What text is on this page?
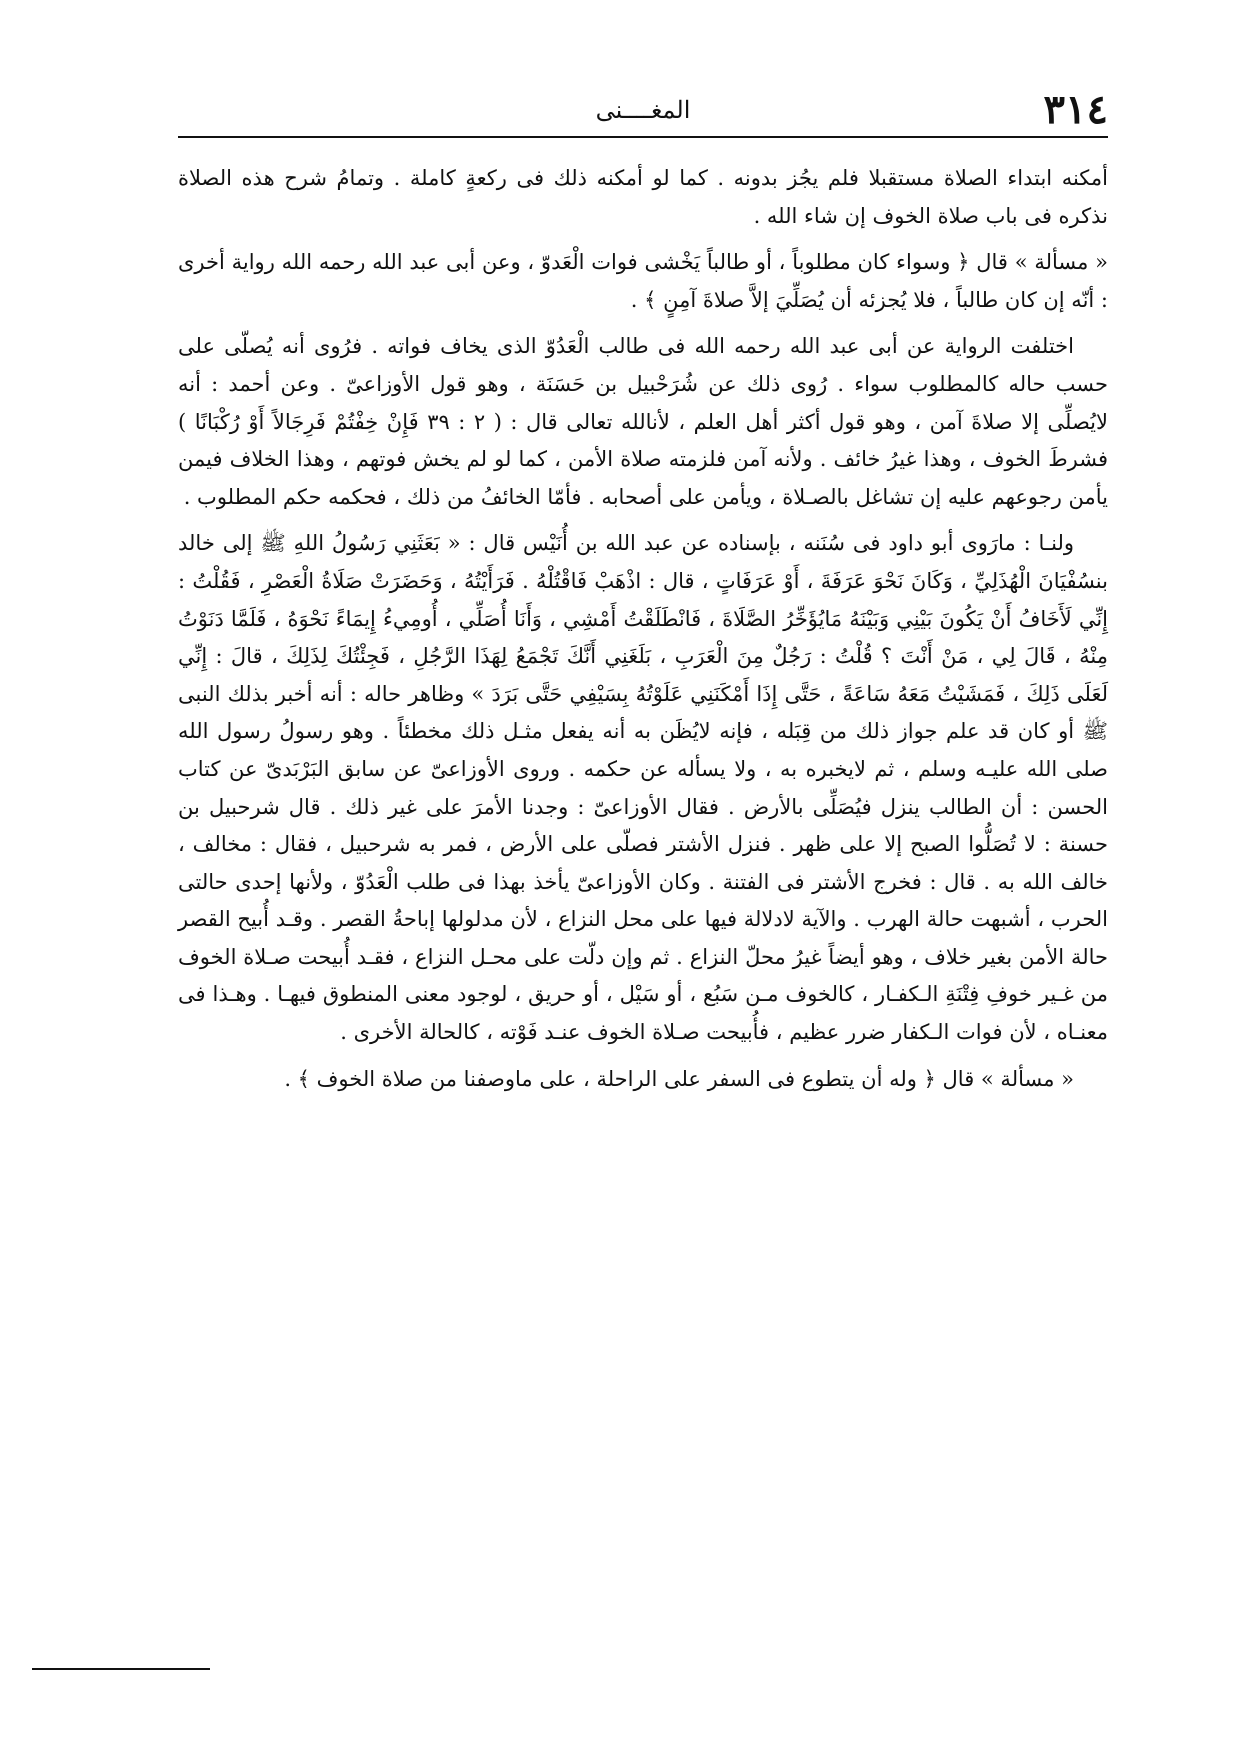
٣١٤
المغــــنى

أمكنه ابتداء الصلاة مستقبلا فلم يجُز بدونه . كما لو أمكنه ذلك فى ركعةٍ كاملة . وتمامُ شرح هذه الصلاة نذكره فى باب صلاة الخوف إن شاء الله .

« مسألة » قال ﴿ وسواء كان مطلوباً ، أو طالباً يَخْشى فوات الْعَدوّ ، وعن أبى عبد الله رحمه الله رواية أخرى : أنّه إن كان طالباً ، فلا يُجزئه أن يُصَلِّيَ إلاَّ صلاةَ آمِنٍ ﴾ .

اختلفت الرواية عن أبى عبد الله رحمه الله فى طالب الْعَدُوّ الذى يخاف فواته . فرُوى أنه يُصلّى على حسب حاله كالمطلوب سواء . رُوى ذلك عن شُرَحْبيل بن حَسَنَة ، وهو قول الأوزاعىّ . وعن أحمد : أنه لايُصلِّى إلا صلاةَ آمن ، وهو قول أكثر أهل العلم ، لأنالله تعالى قال : ( ٢ : ٣٩ فَإِنْ خِفْتُمْ فَرِجَالاً أَوْ رُكْبَانًا ) فشرطَ الخوف ، وهذا غيرُ خائف . ولأنه آمن فلزمته صلاة الأمن ، كما لو لم يخش فوتهم ، وهذا الخلاف فيمن يأمن رجوعهم عليه إن تشاغل بالصـلاة ، ويأمن على أصحابه . فأمّا الخائفُ من ذلك ، فحكمه حكم المطلوب .

ولنـا : مارَوى أبو داود فى سُنَنه ، بإسناده عن عبد الله بن أُنَيْس قال : « بَعَثَنِي رَسُولُ اللهِ ﷺ إلى خالد بنسُفْيَانَ الْهُذَلِيِّ ، وَكَانَ نَحْوَ عَرَفَةَ ، أَوْ عَرَفَاتٍ ، قال : اذْهَبْ فَاقْتُلْهُ . فَرَأَيْتُهُ ، وَحَضَرَتْ صَلَاةُ الْعَصْرِ ، فَقُلْتُ : إِنِّي لَأَخَافُ أَنْ يَكُونَ بَيْنِي وَبَيْنَهُ مَايُؤَخِّرُ الصَّلَاةَ ، فَانْطَلَقْتُ أَمْشِي ، وَأَنَا أُصَلِّي ، أُومِيءُ إِيمَاءً نَحْوَهُ ، فَلَمَّا دَنَوْتُ مِنْهُ ، قَالَ لِي ، مَنْ أَنْتَ ؟ قُلْتُ : رَجُلٌ مِنَ الْعَرَبِ ، بَلَغَنِي أَنَّكَ تَجْمَعُ لِهَذَا الرَّجُلِ ، فَجِئْتُكَ لِذَلِكَ ، قالَ : إِنِّي لَعَلَى ذَلِكَ ، فَمَشَيْتُ مَعَهُ سَاعَةً ، حَتَّى إِذَا أَمْكَنَنِي عَلَوْتُهُ بِسَيْفِي حَتَّى بَرَدَ » وظاهر حاله : أنه أخبر بذلك النبى ﷺ أو كان قد علم جواز ذلك من قِبَله ، فإنه لايُظَن به أنه يفعل مثـل ذلك مخطئاً . وهو رسولُ رسول الله صلى الله عليـه وسلم ، ثم لايخبره به ، ولا يسأله عن حكمه . وروى الأوزاعىّ عن سابق البَرْبَدىّ عن كتاب الحسن : أن الطالب ينزل فيُصَلِّى بالأرض . فقال الأوزاعىّ : وجدنا الأمرَ على غير ذلك . قال شرحبيل بن حسنة : لا تُصَلُّوا الصبح إلا على ظهر . فنزل الأشتر فصلّى على الأرض ، فمر به شرحبيل ، فقال : مخالف ، خالف الله به . قال : فخرج الأشتر فى الفتنة . وكان الأوزاعىّ يأخذ بهذا فى طلب الْعَدُوّ ، ولأنها إحدى حالتى الحرب ، أشبهت حالة الهرب . والآية لادلالة فيها على محل النزاع ، لأن مدلولها إباحةُ القصر . وقـد أُبيح القصر حالة الأمن بغير خلاف ، وهو أيضاً غيرُ محلّ النزاع . ثم وإن دلّت على محـل النزاع ، فقـد أُبيحت صـلاة الخوف من غـير خوفِ فِتْنَةِ الـكفـار ، كالخوف مـن سَبُع ، أو سَيْل ، أو حريق ، لوجود معنى المنطوق فيهـا . وهـذا فى معنـاه ، لأن فوات الـكفار ضرر عظيم ، فأُبيحت صـلاة الخوف عنـد فَوْته ، كالحالة الأخرى .

« مسألة » قال ﴿ وله أن يتطوع فى السفر على الراحلة ، على ماوصفنا من صلاة الخوف ﴾ .
